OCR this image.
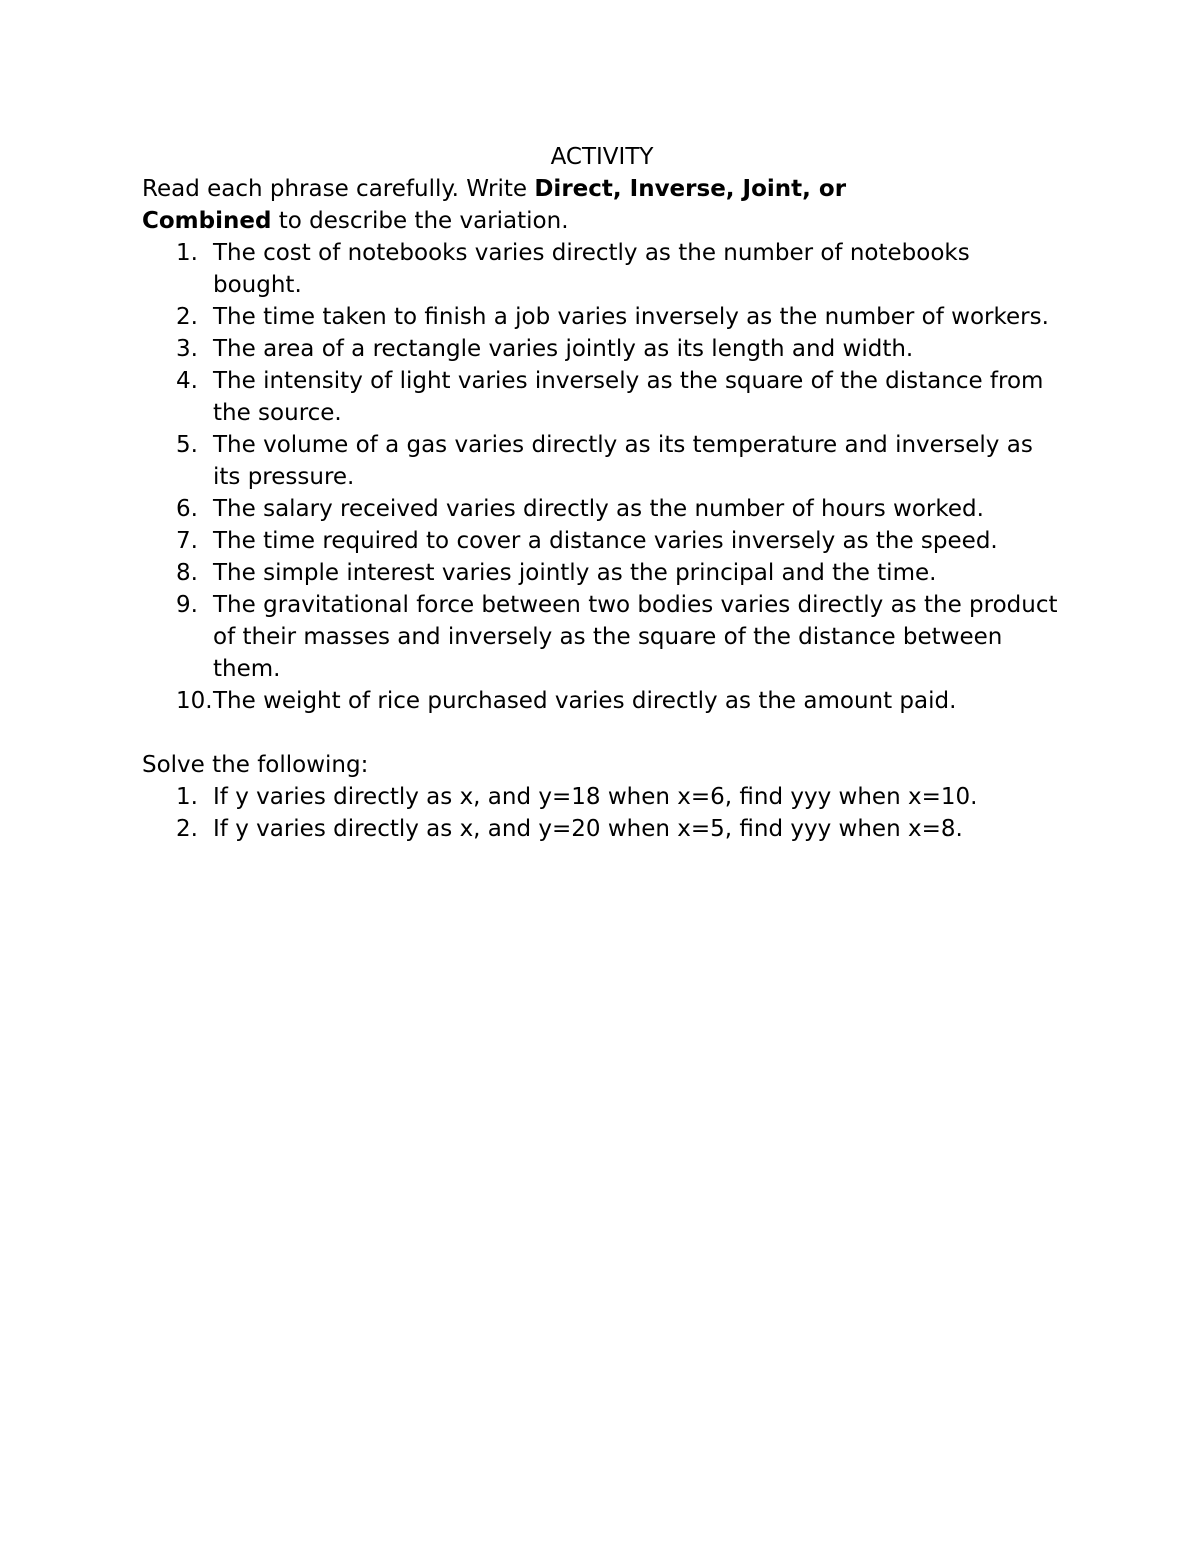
ACTIVITY

Read each phrase carefully. Write Direct, Inverse, Joint, or
Combined to describe the variation.

1. The cost of notebooks varies directly as the number of notebooks bought.
2. The time taken to finish a job varies inversely as the number of workers.
3. The area of a rectangle varies jointly as its length and width.
4. The intensity of light varies inversely as the square of the distance from the source.
5. The volume of a gas varies directly as its temperature and inversely as its pressure.
6. The salary received varies directly as the number of hours worked.
7. The time required to cover a distance varies inversely as the speed.
8. The simple interest varies jointly as the principal and the time.
9. The gravitational force between two bodies varies directly as the product of their masses and inversely as the square of the distance between them.
10. The weight of rice purchased varies directly as the amount paid.

Solve the following:

1. If y varies directly as x, and y=18 when x=6, find yyy when x=10.
2. If y varies directly as x, and y=20 when x=5, find yyy when x=8.
